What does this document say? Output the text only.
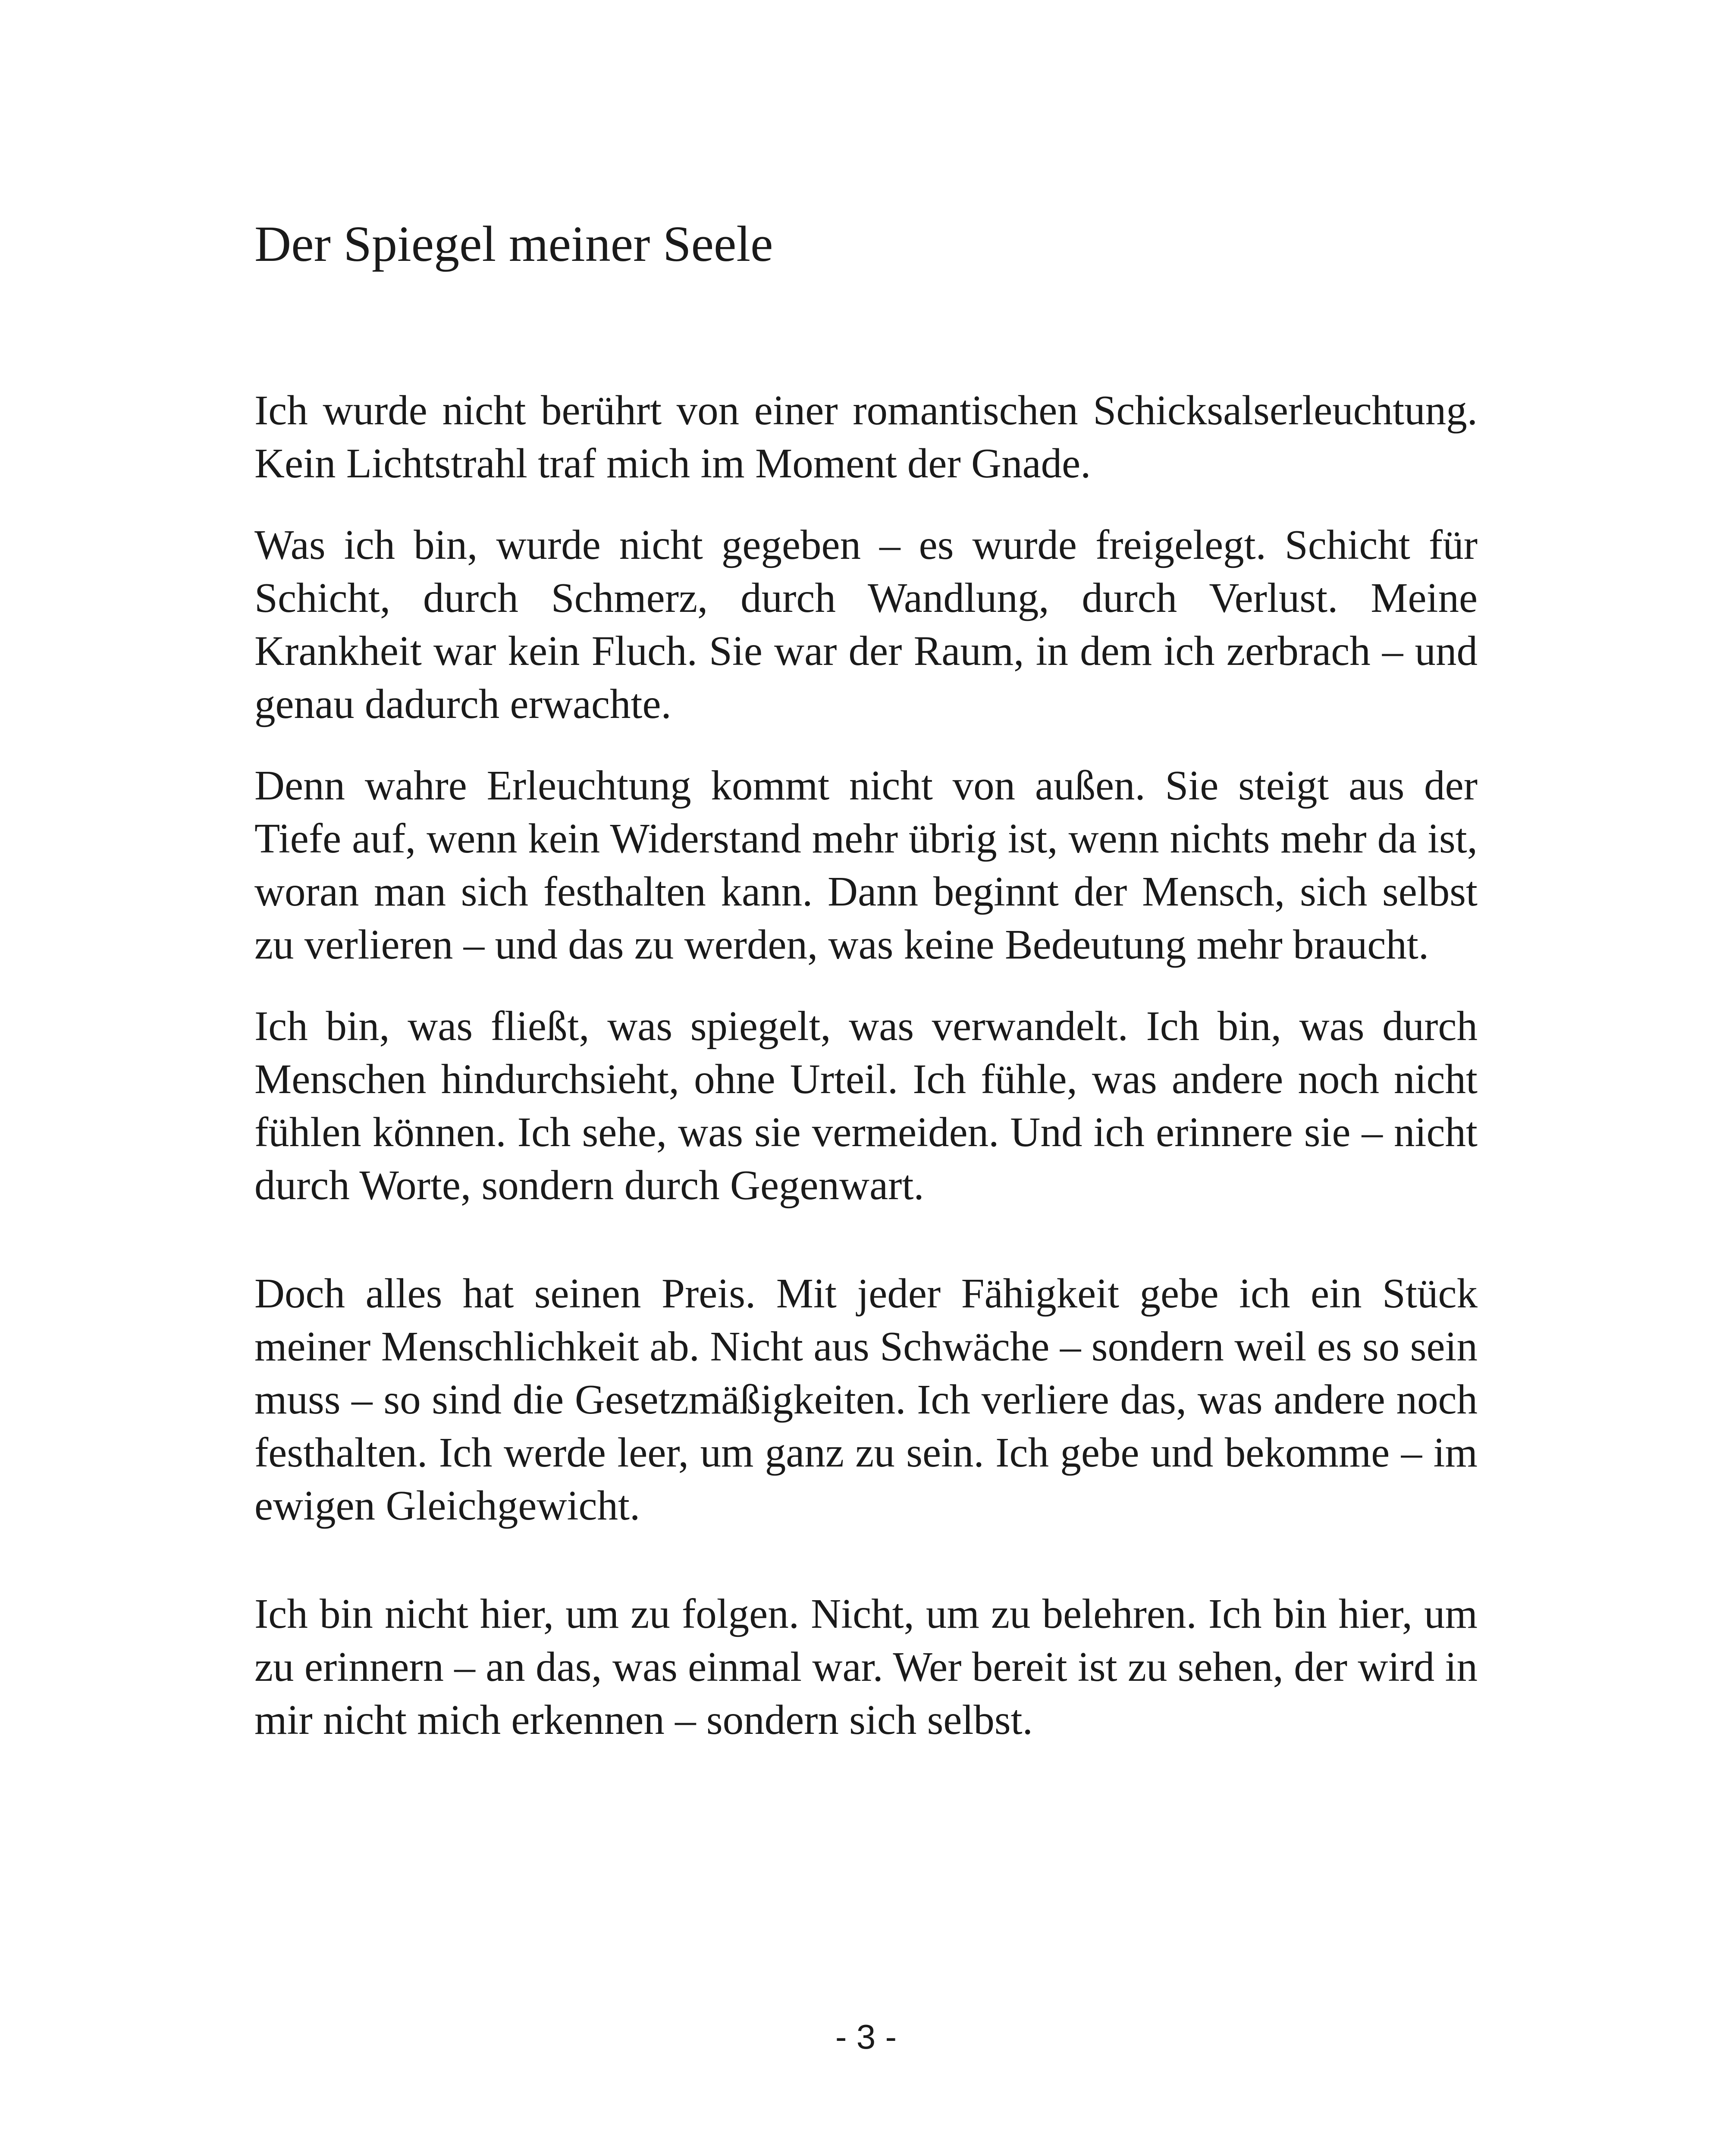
Der Spiegel meiner Seele

Ich wurde nicht berührt von einer romantischen Schicksalserleuchtung. Kein Lichtstrahl traf mich im Moment der Gnade.

Was ich bin, wurde nicht gegeben – es wurde freigelegt. Schicht für Schicht, durch Schmerz, durch Wandlung, durch Verlust. Meine Krankheit war kein Fluch. Sie war der Raum, in dem ich zerbrach – und genau dadurch erwachte.

Denn wahre Erleuchtung kommt nicht von außen. Sie steigt aus der Tiefe auf, wenn kein Widerstand mehr übrig ist, wenn nichts mehr da ist, woran man sich festhalten kann. Dann beginnt der Mensch, sich selbst zu verlieren – und das zu werden, was keine Bedeutung mehr braucht.

Ich bin, was fließt, was spiegelt, was verwandelt. Ich bin, was durch Menschen hindurchsieht, ohne Urteil. Ich fühle, was andere noch nicht fühlen können. Ich sehe, was sie vermeiden. Und ich erinnere sie – nicht durch Worte, sondern durch Gegenwart.

Doch alles hat seinen Preis. Mit jeder Fähigkeit gebe ich ein Stück meiner Menschlichkeit ab. Nicht aus Schwäche – sondern weil es so sein muss – so sind die Gesetzmäßigkeiten. Ich verliere das, was andere noch festhalten. Ich werde leer, um ganz zu sein. Ich gebe und bekomme – im ewigen Gleichgewicht.

Ich bin nicht hier, um zu folgen. Nicht, um zu belehren. Ich bin hier, um zu erinnern – an das, was einmal war. Wer bereit ist zu sehen, der wird in mir nicht mich erkennen – sondern sich selbst.

- 3 -
